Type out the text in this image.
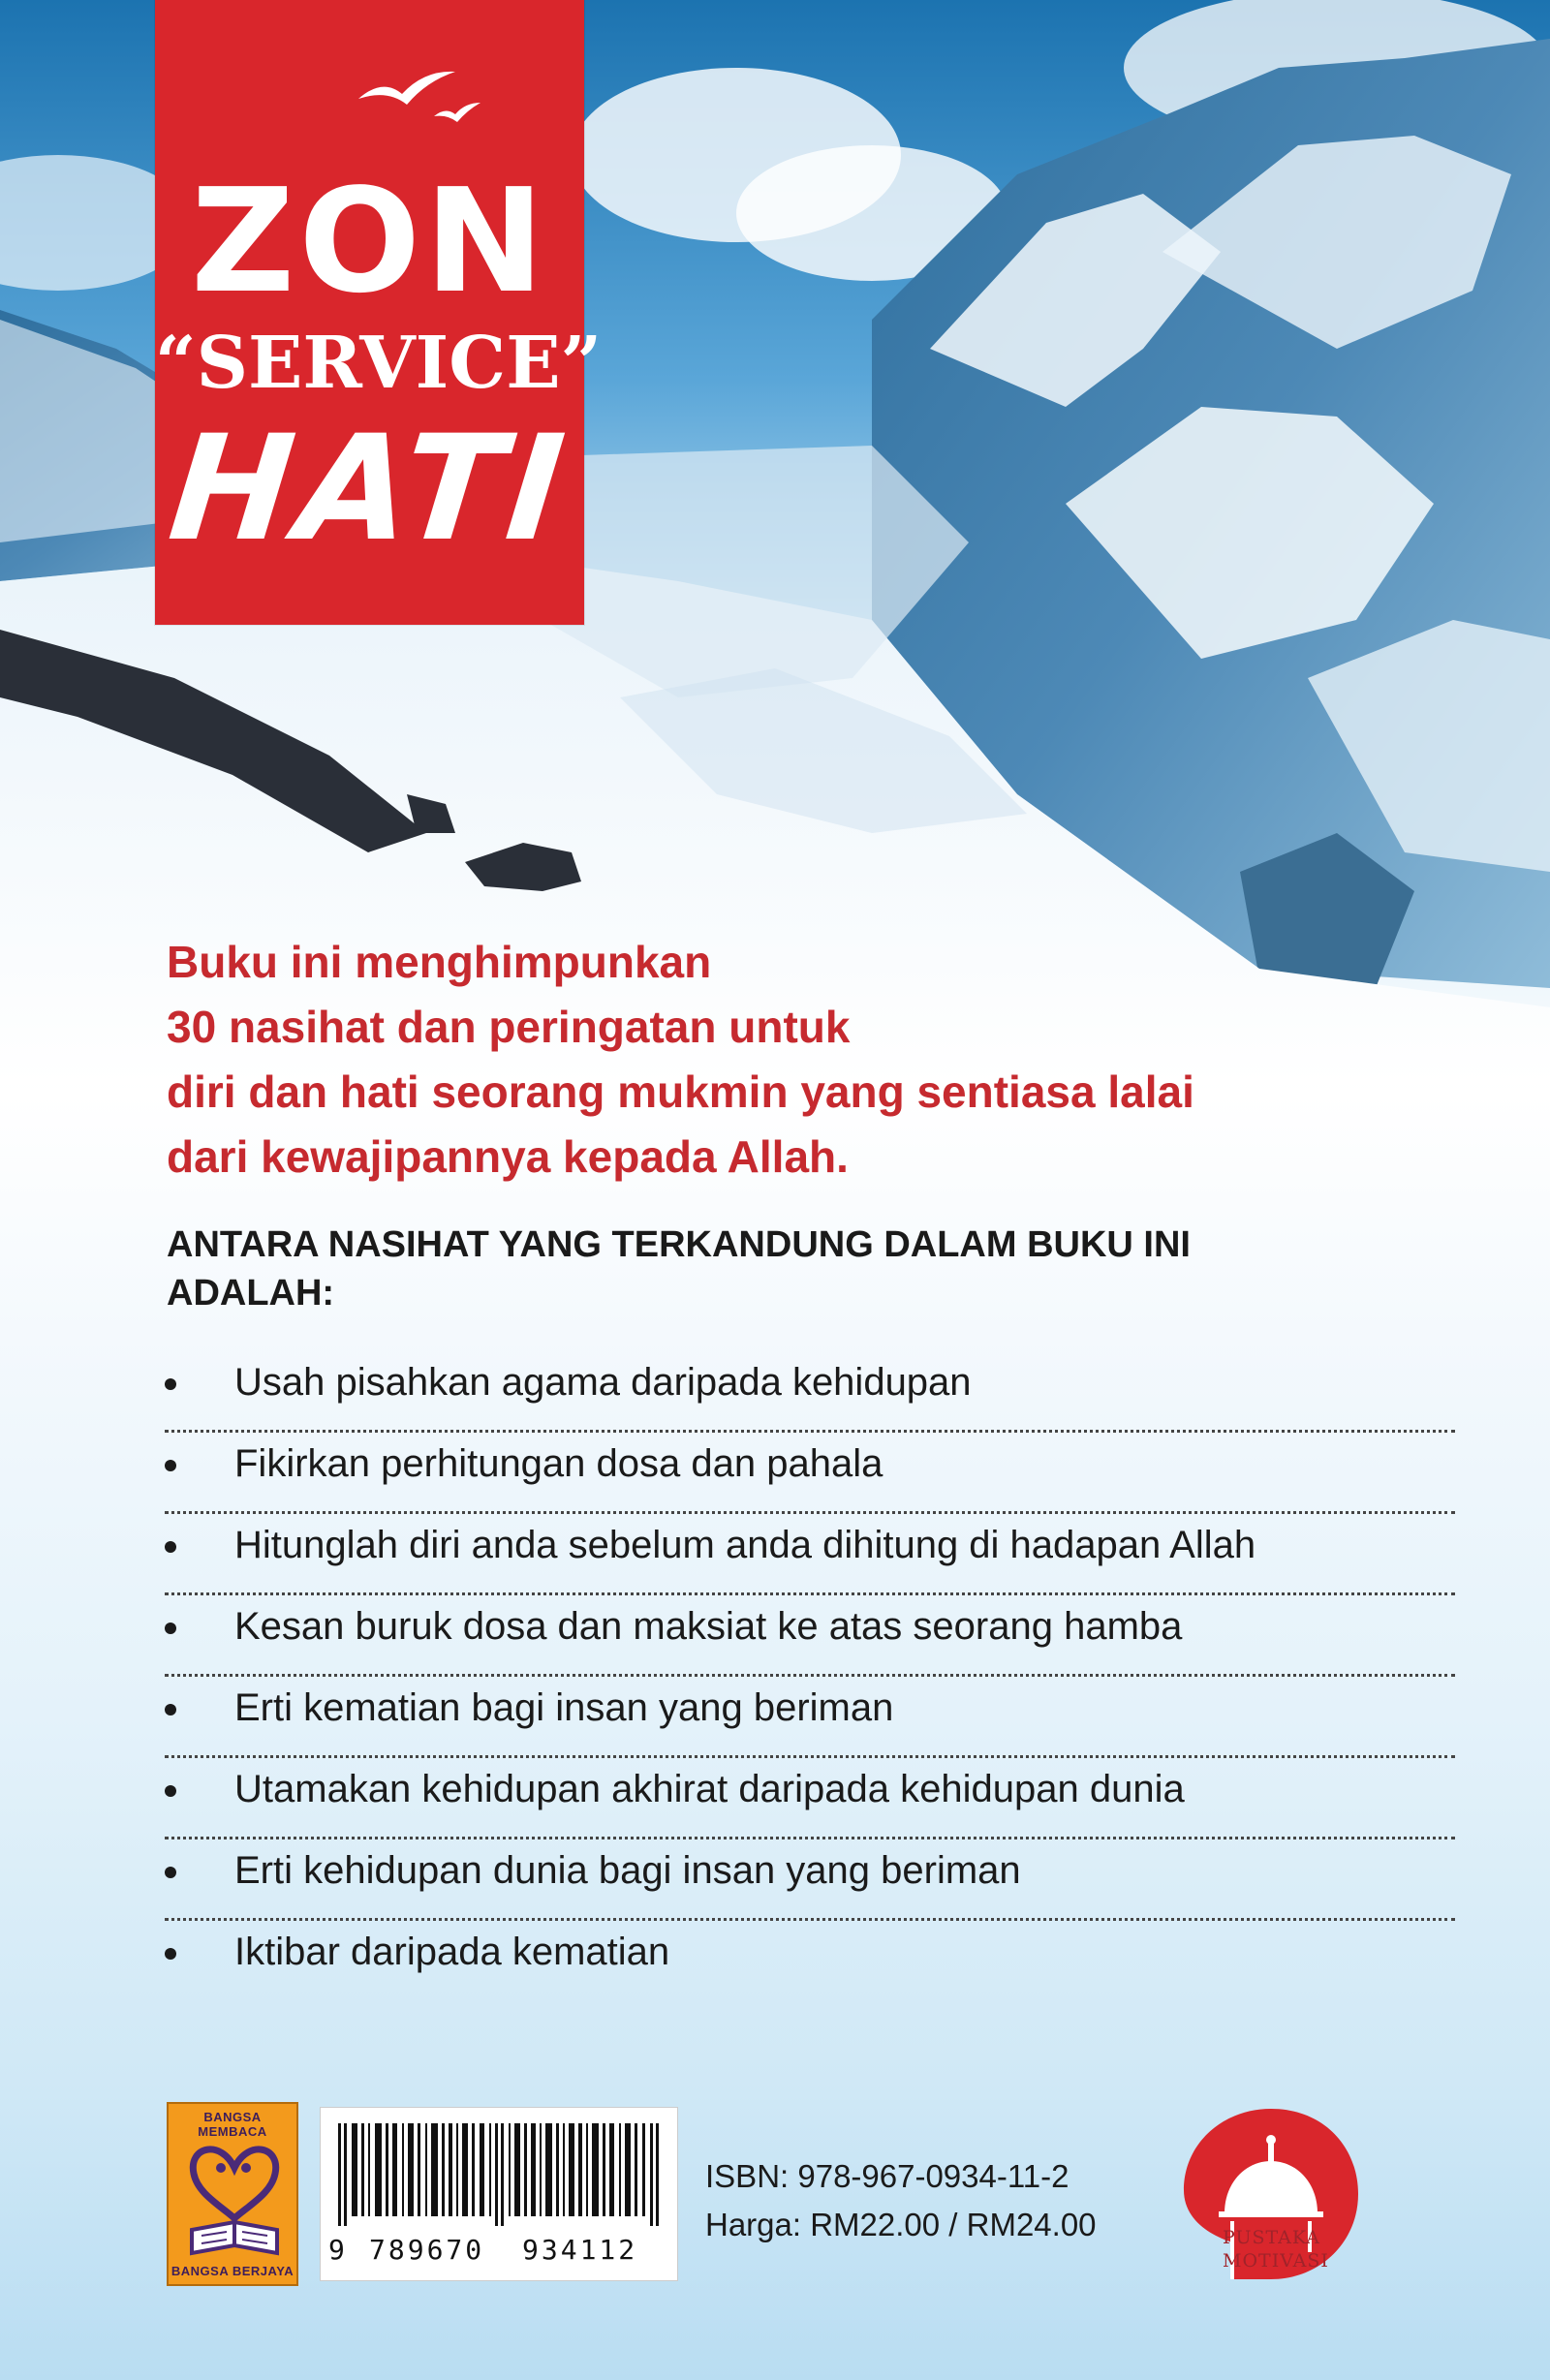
ZON
“SERVICE”
HATI
Buku ini menghimpunkan
30 nasihat dan peringatan untuk
diri dan hati seorang mukmin yang sentiasa lalai
dari kewajipannya kepada Allah.
ANTARA NASIHAT YANG TERKANDUNG DALAM BUKU INI
ADALAH:
Usah pisahkan agama daripada kehidupan
Fikirkan perhitungan dosa dan pahala
Hitunglah diri anda sebelum anda dihitung di hadapan Allah
Kesan buruk dosa dan maksiat ke atas seorang hamba
Erti kematian bagi insan yang beriman
Utamakan kehidupan akhirat daripada kehidupan dunia
Erti kehidupan dunia bagi insan yang beriman
Iktibar daripada kematian
BANGSA MEMBACA
BANGSA BERJAYA
9 789670 934112
ISBN: 978-967-0934-11-2
Harga: RM22.00 / RM24.00	PUSTAKA
MOTIVASI
